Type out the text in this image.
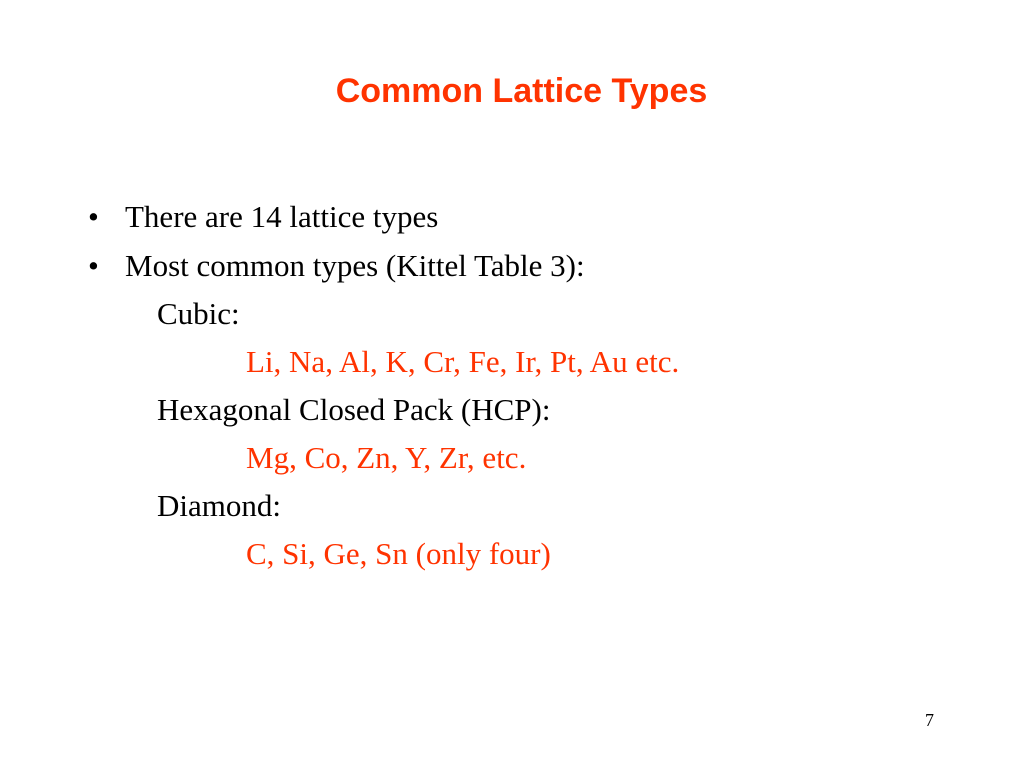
Common Lattice Types
• There are 14 lattice types
• Most common types (Kittel Table 3):
Cubic:
Li, Na, Al, K, Cr, Fe, Ir, Pt, Au etc.
Hexagonal Closed Pack (HCP):
Mg, Co, Zn, Y, Zr, etc.
Diamond:
C, Si, Ge, Sn (only four)
7
